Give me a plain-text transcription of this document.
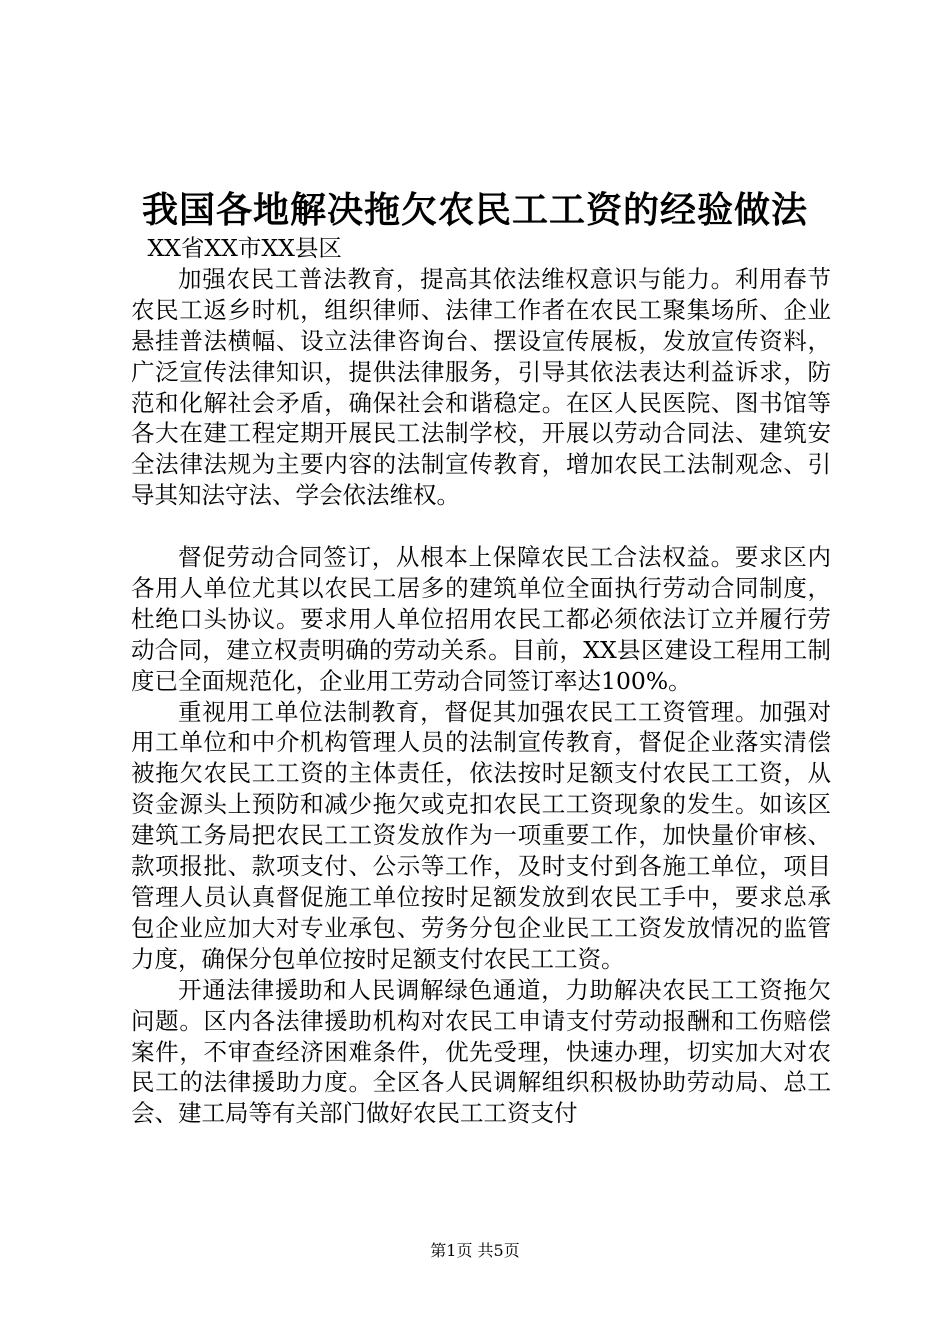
我国各地解决拖欠农民工工资的经验做法

XX省XX市XX县区

加强农民工普法教育，提高其依法维权意识与能力。利用春节农民工返乡时机，组织律师、法律工作者在农民工聚集场所、企业悬挂普法横幅、设立法律咨询台、摆设宣传展板，发放宣传资料，广泛宣传法律知识，提供法律服务，引导其依法表达利益诉求，防范和化解社会矛盾，确保社会和谐稳定。在区人民医院、图书馆等各大在建工程定期开展民工法制学校，开展以劳动合同法、建筑安全法律法规为主要内容的法制宣传教育，增加农民工法制观念、引导其知法守法、学会依法维权。

督促劳动合同签订，从根本上保障农民工合法权益。要求区内各用人单位尤其以农民工居多的建筑单位全面执行劳动合同制度，杜绝口头协议。要求用人单位招用农民工都必须依法订立并履行劳动合同，建立权责明确的劳动关系。目前，XX县区建设工程用工制度已全面规范化，企业用工劳动合同签订率达100%。

重视用工单位法制教育，督促其加强农民工工资管理。加强对用工单位和中介机构管理人员的法制宣传教育，督促企业落实清偿被拖欠农民工工资的主体责任，依法按时足额支付农民工工资，从资金源头上预防和减少拖欠或克扣农民工工资现象的发生。如该区建筑工务局把农民工工资发放作为一项重要工作，加快量价审核、款项报批、款项支付、公示等工作，及时支付到各施工单位，项目管理人员认真督促施工单位按时足额发放到农民工手中，要求总承包企业应加大对专业承包、劳务分包企业民工工资发放情况的监管力度，确保分包单位按时足额支付农民工工资。

开通法律援助和人民调解绿色通道，力助解决农民工工资拖欠问题。区内各法律援助机构对农民工申请支付劳动报酬和工伤赔偿案件，不审查经济困难条件，优先受理，快速办理，切实加大对农民工的法律援助力度。全区各人民调解组织积极协助劳动局、总工会、建工局等有关部门做好农民工工资支付

第1页 共5页
